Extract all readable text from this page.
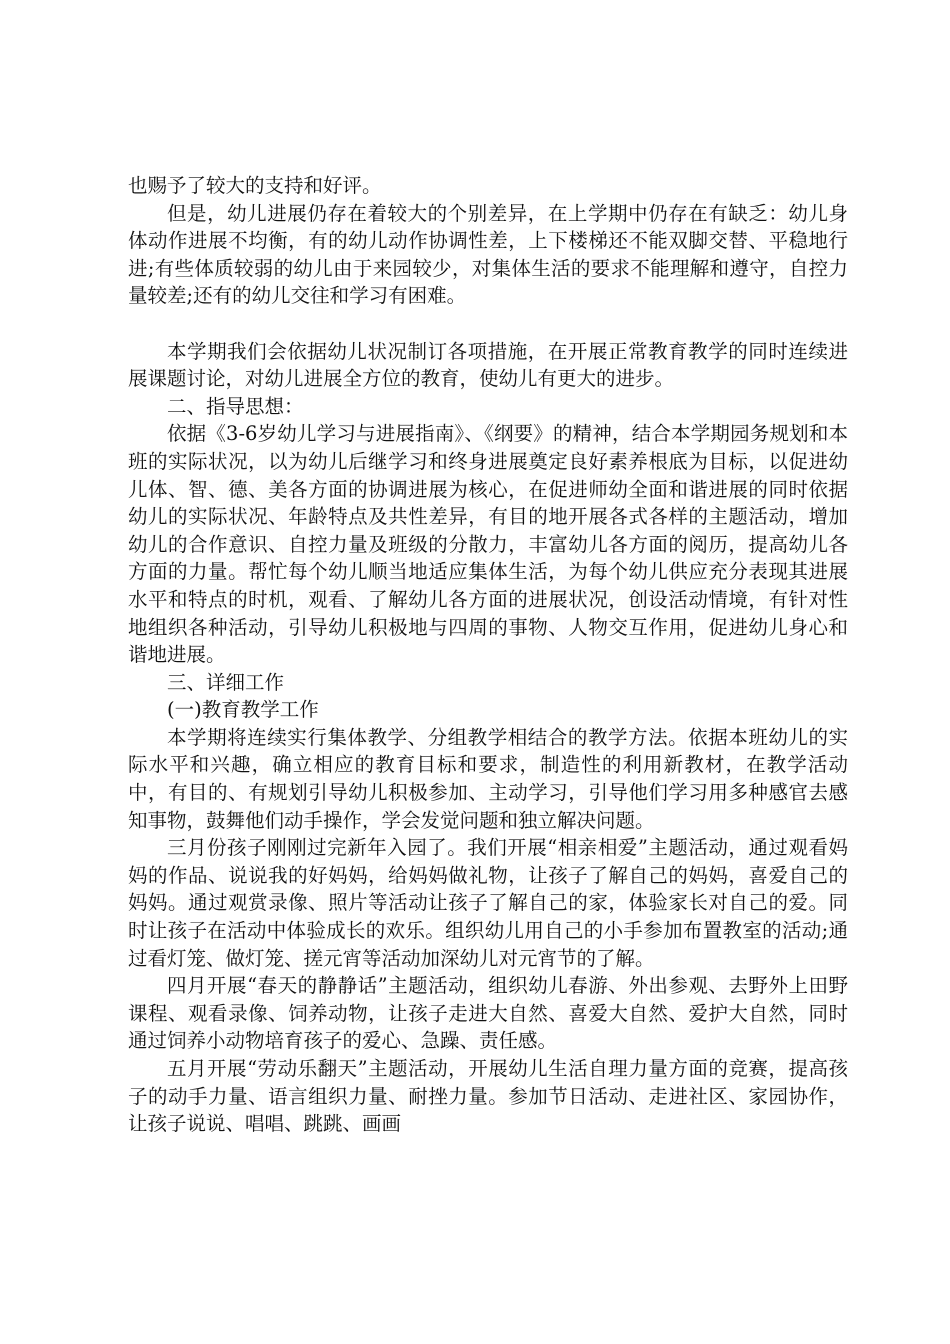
也赐予了较大的支持和好评。

但是，幼儿进展仍存在着较大的个别差异，在上学期中仍存在有缺乏：幼儿身体动作进展不均衡，有的幼儿动作协调性差，上下楼梯还不能双脚交替、平稳地行进;有些体质较弱的幼儿由于来园较少，对集体生活的要求不能理解和遵守，自控力量较差;还有的幼儿交往和学习有困难。

本学期我们会依据幼儿状况制订各项措施，在开展正常教育教学的同时连续进展课题讨论，对幼儿进展全方位的教育，使幼儿有更大的进步。

二、指导思想：

依据《3-6岁幼儿学习与进展指南》、《纲要》的精神，结合本学期园务规划和本班的实际状况，以为幼儿后继学习和终身进展奠定良好素养根底为目标，以促进幼儿体、智、德、美各方面的协调进展为核心，在促进师幼全面和谐进展的同时依据幼儿的实际状况、年龄特点及共性差异，有目的地开展各式各样的主题活动，增加幼儿的合作意识、自控力量及班级的分散力，丰富幼儿各方面的阅历，提高幼儿各方面的力量。帮忙每个幼儿顺当地适应集体生活，为每个幼儿供应充分表现其进展水平和特点的时机，观看、了解幼儿各方面的进展状况，创设活动情境，有针对性地组织各种活动，引导幼儿积极地与四周的事物、人物交互作用，促进幼儿身心和谐地进展。

三、详细工作

(一)教育教学工作

本学期将连续实行集体教学、分组教学相结合的教学方法。依据本班幼儿的实际水平和兴趣，确立相应的教育目标和要求，制造性的利用新教材，在教学活动中，有目的、有规划引导幼儿积极参加、主动学习，引导他们学习用多种感官去感知事物，鼓舞他们动手操作，学会发觉问题和独立解决问题。

三月份孩子刚刚过完新年入园了。我们开展“相亲相爱”主题活动，通过观看妈妈的作品、说说我的好妈妈，给妈妈做礼物，让孩子了解自己的妈妈，喜爱自己的妈妈。通过观赏录像、照片等活动让孩子了解自己的家，体验家长对自己的爱。同时让孩子在活动中体验成长的欢乐。组织幼儿用自己的小手参加布置教室的活动;通过看灯笼、做灯笼、搓元宵等活动加深幼儿对元宵节的了解。

四月开展“春天的静静话”主题活动，组织幼儿春游、外出参观、去野外上田野课程、观看录像、饲养动物，让孩子走进大自然、喜爱大自然、爱护大自然，同时通过饲养小动物培育孩子的爱心、急躁、责任感。

五月开展“劳动乐翻天”主题活动，开展幼儿生活自理力量方面的竞赛，提高孩子的动手力量、语言组织力量、耐挫力量。参加节日活动、走进社区、家园协作，让孩子说说、唱唱、跳跳、画画
